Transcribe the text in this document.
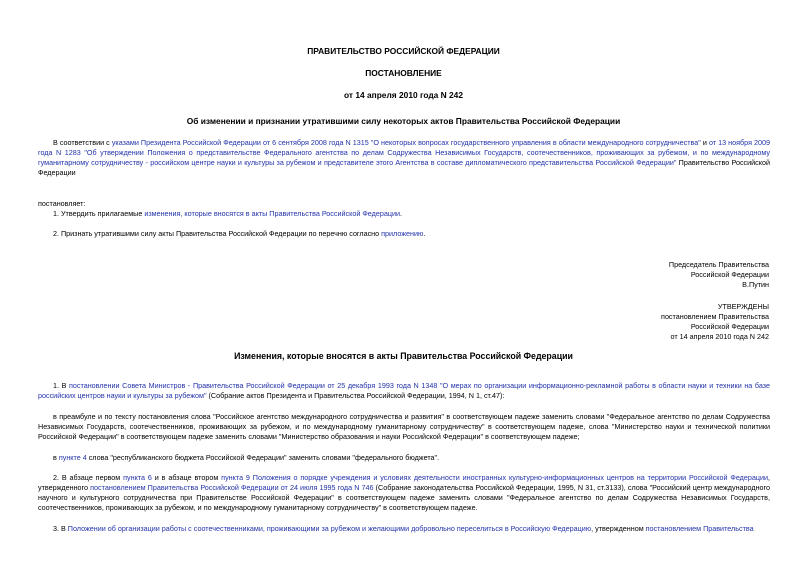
ПРАВИТЕЛЬСТВО РОССИЙСКОЙ ФЕДЕРАЦИИ
ПОСТАНОВЛЕНИЕ
от 14 апреля 2010 года N 242
Об изменении и признании утратившими силу некоторых актов Правительства Российской Федерации
В соответствии с указами Президента Российской Федерации от 6 сентября 2008 года N 1315 "О некоторых вопросах государственного управления в области международного сотрудничества" и от 13 ноября 2009 года N 1283 "Об утверждении Положения о представительстве Федерального агентства по делам Содружества Независимых Государств, соотечественников, проживающих за рубежом, и по международному гуманитарному сотрудничеству - российском центре науки и культуры за рубежом и представителе этого Агентства в составе дипломатического представительства Российской Федерации" Правительство Российской Федерации
постановляет:
1. Утвердить прилагаемые изменения, которые вносятся в акты Правительства Российской Федерации.
2. Признать утратившими силу акты Правительства Российской Федерации по перечню согласно приложению.
Председатель Правительства
Российской Федерации
В.Путин
УТВЕРЖДЕНЫ
постановлением Правительства
Российской Федерации
от 14 апреля 2010 года N 242
Изменения, которые вносятся в акты Правительства Российской Федерации
1. В постановлении Совета Министров - Правительства Российской Федерации от 25 декабря 1993 года N 1348 "О мерах по организации информационно-рекламной работы в области науки и техники на базе российских центров науки и культуры за рубежом" (Собрание актов Президента и Правительства Российской Федерации, 1994, N 1, ст.47):
в преамбуле и по тексту постановления слова "Российское агентство международного сотрудничества и развития" в соответствующем падеже заменить словами "Федеральное агентство по делам Содружества Независимых Государств, соотечественников, проживающих за рубежом, и по международному гуманитарному сотрудничеству" в соответствующем падеже, слова "Министерство науки и технической политики Российской Федерации" в соответствующем падеже заменить словами "Министерство образования и науки Российской Федерации" в соответствующем падеже;
в пункте 4 слова "республиканского бюджета Российской Федерации" заменить словами "федерального бюджета".
2. В абзаце первом пункта 6 и в абзаце втором пункта 9 Положения о порядке учреждения и условиях деятельности иностранных культурно-информационных центров на территории Российской Федерации, утвержденного постановлением Правительства Российской Федерации от 24 июля 1995 года N 746 (Собрание законодательства Российской Федерации, 1995, N 31, ст.3133), слова "Российский центр международного научного и культурного сотрудничества при Правительстве Российской Федерации" в соответствующем падеже заменить словами "Федеральное агентство по делам Содружества Независимых Государств, соотечественников, проживающих за рубежом, и по международному гуманитарному сотрудничеству" в соответствующем падеже.
3. В Положении об организации работы с соотечественниками, проживающими за рубежом и желающими добровольно переселиться в Российскую Федерацию, утвержденном постановлением Правительства
